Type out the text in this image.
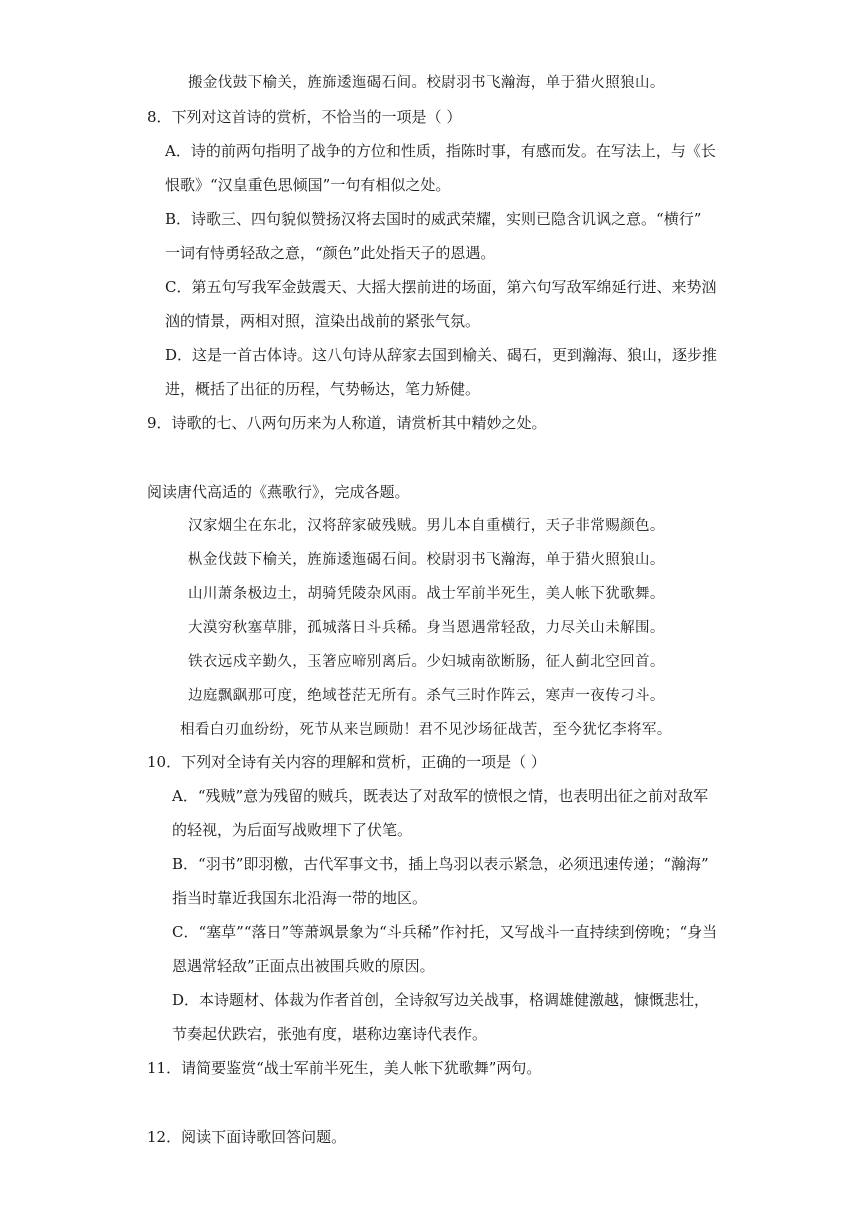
搬金伐鼓下榆关，旌旆逶迤碣石间。校尉羽书飞瀚海，单于猎火照狼山。
8．下列对这首诗的赏析，不恰当的一项是（ ）
A．诗的前两句指明了战争的方位和性质，指陈时事，有感而发。在写法上，与《长
恨歌》“汉皇重色思倾国”一句有相似之处。
B．诗歌三、四句貌似赞扬汉将去国时的威武荣耀，实则已隐含讥讽之意。“横行”
一词有恃勇轻敌之意，“颜色”此处指天子的恩遇。
C．第五句写我军金鼓震天、大摇大摆前进的场面，第六句写敌军绵延行进、来势汹
汹的情景，两相对照，渲染出战前的紧张气氛。
D．这是一首古体诗。这八句诗从辞家去国到榆关、碣石，更到瀚海、狼山，逐步推
进，概括了出征的历程，气势畅达，笔力矫健。
9．诗歌的七、八两句历来为人称道，请赏析其中精妙之处。
阅读唐代高适的《燕歌行》，完成各题。
汉家烟尘在东北，汉将辞家破残贼。男儿本自重横行，天子非常赐颜色。
枞金伐鼓下榆关，旌旆逶迤碣石间。校尉羽书飞瀚海，单于猎火照狼山。
山川萧条极边土，胡骑凭陵杂风雨。战士军前半死生，美人帐下犹歌舞。
大漠穷秋塞草腓，孤城落日斗兵稀。身当恩遇常轻敌，力尽关山未解围。
铁衣远戍辛勤久，玉箸应啼别离后。少妇城南欲断肠，征人蓟北空回首。
边庭飘飖那可度，绝域苍茫无所有。杀气三时作阵云，寒声一夜传刁斗。
相看白刃血纷纷，死节从来岂顾勋！君不见沙场征战苦，至今犹忆李将军。
10．下列对全诗有关内容的理解和赏析，正确的一项是（ ）
A．“残贼”意为残留的贼兵，既表达了对敌军的愤恨之情，也表明出征之前对敌军
的轻视，为后面写战败埋下了伏笔。
B．“羽书”即羽檄，古代军事文书，插上鸟羽以表示紧急，必须迅速传递；“瀚海”
指当时靠近我国东北沿海一带的地区。
C．“塞草”“落日”等萧飒景象为“斗兵稀”作衬托，又写战斗一直持续到傍晚；“身当
恩遇常轻敌”正面点出被围兵败的原因。
D．本诗题材、体裁为作者首创，全诗叙写边关战事，格调雄健激越，慷慨悲壮，
节奏起伏跌宕，张弛有度，堪称边塞诗代表作。
11．请简要鉴赏“战士军前半死生，美人帐下犹歌舞”两句。
12．阅读下面诗歌回答问题。
